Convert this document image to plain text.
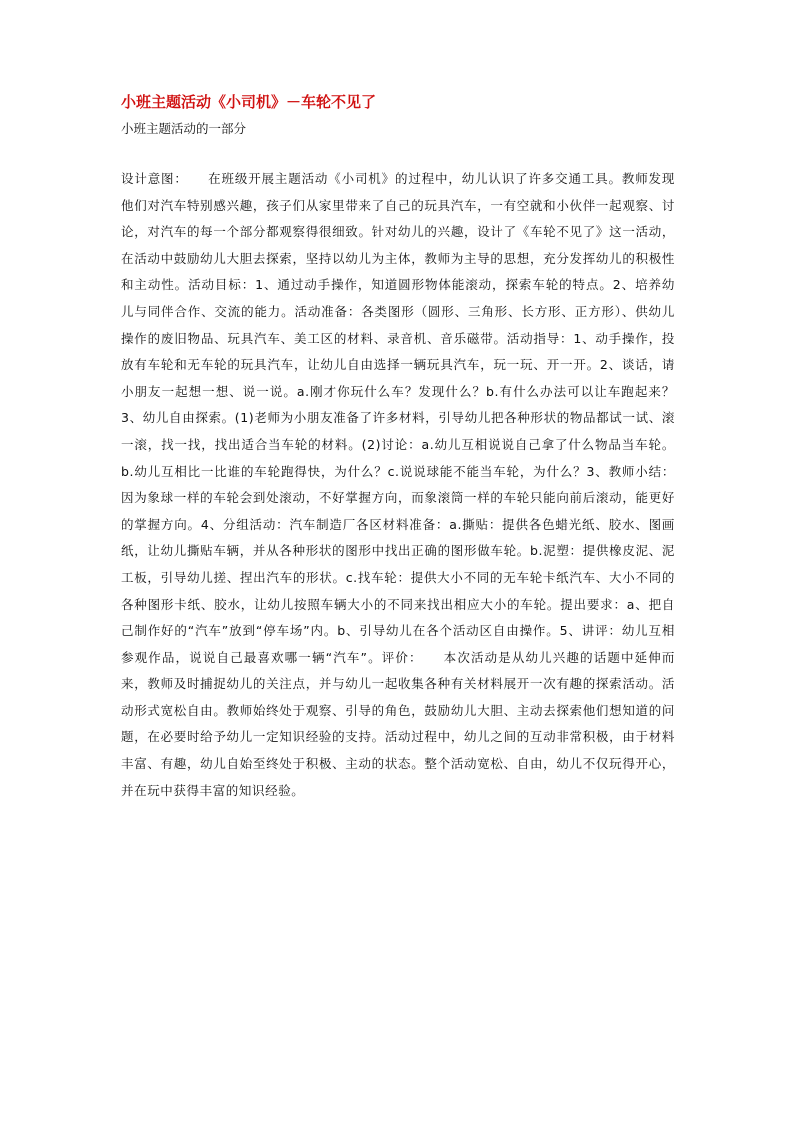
小班主题活动《小司机》－车轮不见了
小班主题活动的一部分
设计意图：　　在班级开展主题活动《小司机》的过程中，幼儿认识了许多交通工具。教师发现他们对汽车特别感兴趣，孩子们从家里带来了自己的玩具汽车，一有空就和小伙伴一起观察、讨论，对汽车的每一个部分都观察得很细致。针对幼儿的兴趣，设计了《车轮不见了》这一活动，在活动中鼓励幼儿大胆去探索，坚持以幼儿为主体，教师为主导的思想，充分发挥幼儿的积极性和主动性。活动目标：1、通过动手操作，知道圆形物体能滚动，探索车轮的特点。2、培养幼儿与同伴合作、交流的能力。活动准备：各类图形（圆形、三角形、长方形、正方形）、供幼儿操作的废旧物品、玩具汽车、美工区的材料、录音机、音乐磁带。活动指导：1、动手操作，投放有车轮和无车轮的玩具汽车，让幼儿自由选择一辆玩具汽车，玩一玩、开一开。2、谈话，请小朋友一起想一想、说一说。a.刚才你玩什么车？发现什么？b.有什么办法可以让车跑起来？3、幼儿自由探索。(1)老师为小朋友准备了许多材料，引导幼儿把各种形状的物品都试一试、滚一滚，找一找，找出适合当车轮的材料。(2)讨论：a.幼儿互相说说自己拿了什么物品当车轮。b.幼儿互相比一比谁的车轮跑得快，为什么？c.说说球能不能当车轮，为什么？3、教师小结：因为象球一样的车轮会到处滚动，不好掌握方向，而象滚筒一样的车轮只能向前后滚动，能更好的掌握方向。4、分组活动：汽车制造厂各区材料准备：a.撕贴：提供各色蜡光纸、胶水、图画纸，让幼儿撕贴车辆，并从各种形状的图形中找出正确的图形做车轮。b.泥塑：提供橡皮泥、泥工板，引导幼儿搓、捏出汽车的形状。c.找车轮：提供大小不同的无车轮卡纸汽车、大小不同的各种图形卡纸、胶水，让幼儿按照车辆大小的不同来找出相应大小的车轮。提出要求：a、把自己制作好的“汽车”放到“停车场”内。b、引导幼儿在各个活动区自由操作。5、讲评：幼儿互相参观作品，说说自己最喜欢哪一辆“汽车”。评价：　　本次活动是从幼儿兴趣的话题中延伸而来，教师及时捕捉幼儿的关注点，并与幼儿一起收集各种有关材料展开一次有趣的探索活动。活动形式宽松自由。教师始终处于观察、引导的角色，鼓励幼儿大胆、主动去探索他们想知道的问题，在必要时给予幼儿一定知识经验的支持。活动过程中，幼儿之间的互动非常积极，由于材料丰富、有趣，幼儿自始至终处于积极、主动的状态。整个活动宽松、自由，幼儿不仅玩得开心，并在玩中获得丰富的知识经验。
